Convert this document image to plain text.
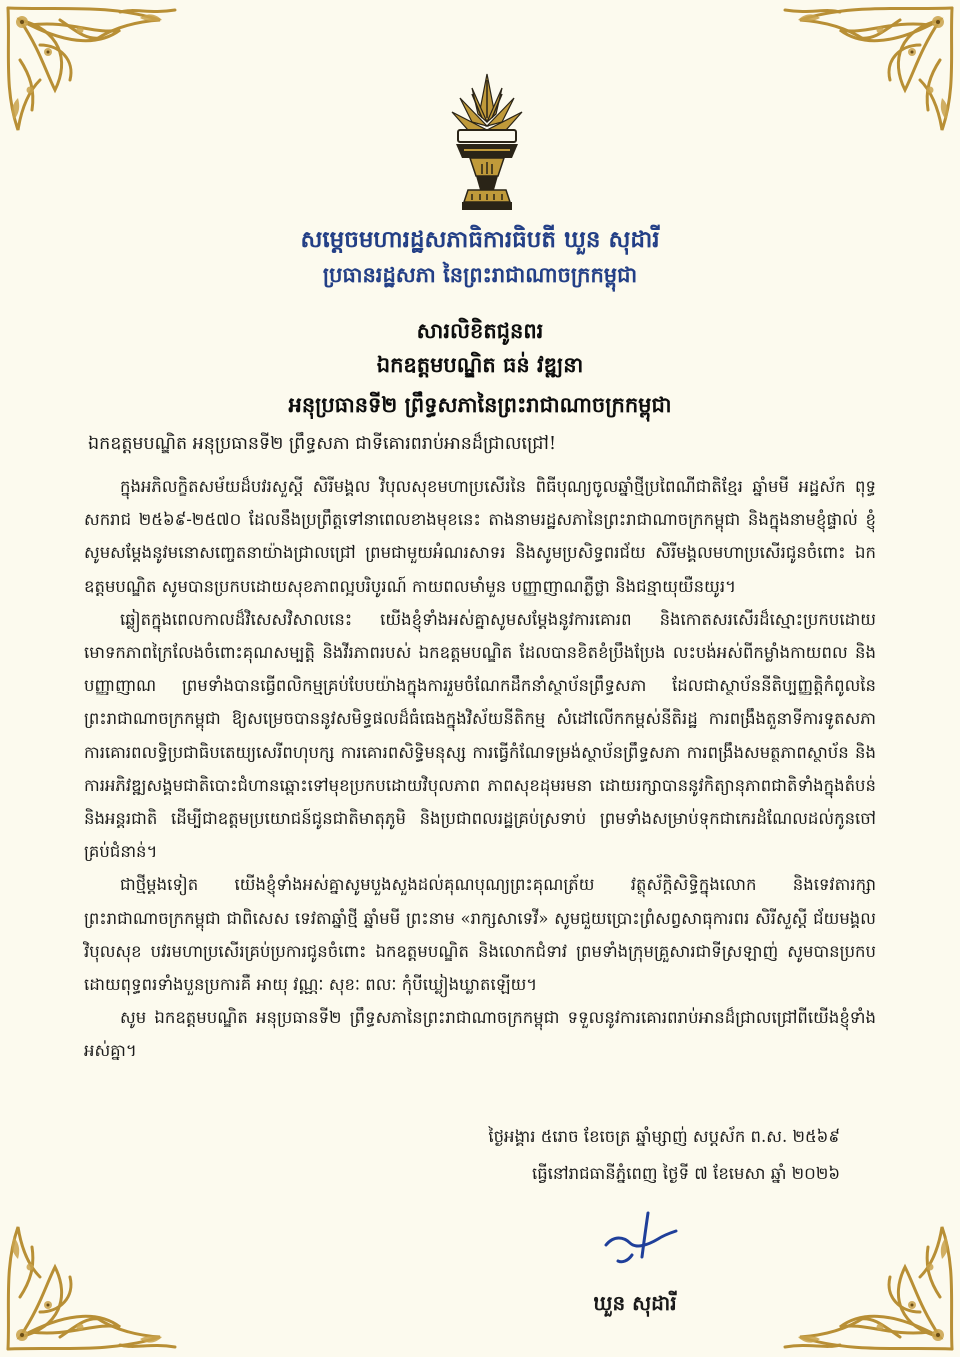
សម្តេចមហារដ្ឋសភាធិការធិបតី ឃួន សុដារី
ប្រធានរដ្ឋសភា នៃព្រះរាជាណាចក្រកម្ពុជា
សារលិខិតជូនពរ
ឯកឧត្តមបណ្ឌិត ធន់ វឌ្ឍនា
អនុប្រធានទី២ ព្រឹទ្ធសភានៃព្រះរាជាណាចក្រកម្ពុជា
ឯកឧត្តមបណ្ឌិត អនុប្រធានទី២ ព្រឹទ្ធសភា ជាទីគោរពរាប់អានដ៏ជ្រាលជ្រៅ!

ក្នុងអភិលក្ខិតសម័យដ៏បវរសួស្តី សិរីមង្គល វិបុលសុខមហាប្រសើរនៃ ពិធីបុណ្យចូលឆ្នាំថ្មីប្រពៃណីជាតិខ្មែរ ឆ្នាំមមី អដ្ឋស័ក ពុទ្ធសករាជ ២៥៦៩-២៥៧០ ដែលនឹងប្រព្រឹត្តទៅនាពេលខាងមុខនេះ តាងនាមរដ្ឋសភានៃព្រះរាជាណាចក្រកម្ពុជា និងក្នុងនាមខ្ញុំផ្ទាល់ ខ្ញុំសូមសម្តែងនូវមនោសញ្ចេតនាយ៉ាងជ្រាលជ្រៅ ព្រមជាមួយអំណរសាទរ និងសូមប្រសិទ្ធពរជ័យ សិរីមង្គលមហាប្រសើរជូនចំពោះ ឯកឧត្តមបណ្ឌិត សូមបានប្រកបដោយសុខភាពល្អបរិបូរណ៍ កាយពលមាំមួន បញ្ញាញាណភ្លឺថ្លា និងជន្មាយុយឺនយូរ។

ឆ្លៀតក្នុងពេលកាលដ៏វិសេសវិសាលនេះ យើងខ្ញុំទាំងអស់គ្នាសូមសម្តែងនូវការគោរព និងកោតសរសើរដ៏ស្មោះប្រកបដោយមោទកភាពក្រៃលែងចំពោះគុណសម្បត្តិ និងវីរភាពរបស់ ឯកឧត្តមបណ្ឌិត ដែលបានខិតខំប្រឹងប្រែង លះបង់អស់ពីកម្លាំងកាយពល និងបញ្ញាញាណ ព្រមទាំងបានធ្វើពលិកម្មគ្រប់បែបយ៉ាងក្នុងការរួមចំណែកដឹកនាំស្ថាប័នព្រឹទ្ធសភា ដែលជាស្ថាប័ននីតិប្បញ្ញត្តិកំពូលនៃព្រះរាជាណាចក្រកម្ពុជា ឱ្យសម្រេចបាននូវសមិទ្ធផលដ៏ធំធេងក្នុងវិស័យនីតិកម្ម សំដៅលើកកម្ពស់នីតិរដ្ឋ ការពង្រឹងតួនាទីការទូតសភា ការគោរពលទ្ធិប្រជាធិបតេយ្យសេរីពហុបក្ស ការគោរពសិទ្ធិមនុស្ស ការធ្វើកំណែទម្រង់ស្ថាប័នព្រឹទ្ធសភា ការពង្រឹងសមត្ថភាពស្ថាប័ន និងការអភិវឌ្ឍសង្គមជាតិបោះជំហានឆ្ពោះទៅមុខប្រកបដោយវិបុលភាព ភាពសុខដុមរមនា ដោយរក្សាបាននូវកិត្យានុភាពជាតិទាំងក្នុងតំបន់ និងអន្តរជាតិ ដើម្បីជាឧត្តមប្រយោជន៍ជូនជាតិមាតុភូមិ និងប្រជាពលរដ្ឋគ្រប់ស្រទាប់ ព្រមទាំងសម្រាប់ទុកជាកេរដំណែលដល់កូនចៅគ្រប់ជំនាន់។

ជាថ្មីម្តងទៀត យើងខ្ញុំទាំងអស់គ្នាសូមបួងសួងដល់គុណបុណ្យព្រះគុណត្រ័យ វត្ថុស័ក្តិសិទ្ធិក្នុងលោក និងទេវតារក្សាព្រះរាជាណាចក្រកម្ពុជា ជាពិសេស ទេវតាឆ្នាំថ្មី ឆ្នាំមមី ព្រះនាម «រាក្សសាទេវី» សូមជួយប្រោះព្រំសព្វសាធុការពរ សិរីសួស្តី ជ័យមង្គល វិបុលសុខ បវរមហាប្រសើរគ្រប់ប្រការជូនចំពោះ ឯកឧត្តមបណ្ឌិត និងលោកជំទាវ ព្រមទាំងក្រុមគ្រួសារជាទីស្រឡាញ់ សូមបានប្រកបដោយពុទ្ធពរទាំងបួនប្រការគឺ អាយុ វណ្ណៈ សុខៈ ពលៈ កុំបីឃ្លៀងឃ្លាតឡើយ។

សូម ឯកឧត្តមបណ្ឌិត អនុប្រធានទី២ ព្រឹទ្ធសភានៃព្រះរាជាណាចក្រកម្ពុជា ទទួលនូវការគោរពរាប់អានដ៏ជ្រាលជ្រៅពីយើងខ្ញុំទាំងអស់គ្នា។

ថ្ងៃអង្គារ ៥រោច ខែចេត្រ ឆ្នាំម្សាញ់ សប្តស័ក ព.ស. ២៥៦៩
ធ្វើនៅរាជធានីភ្នំពេញ ថ្ងៃទី ៧ ខែមេសា ឆ្នាំ ២០២៦
ឃួន សុដារី
